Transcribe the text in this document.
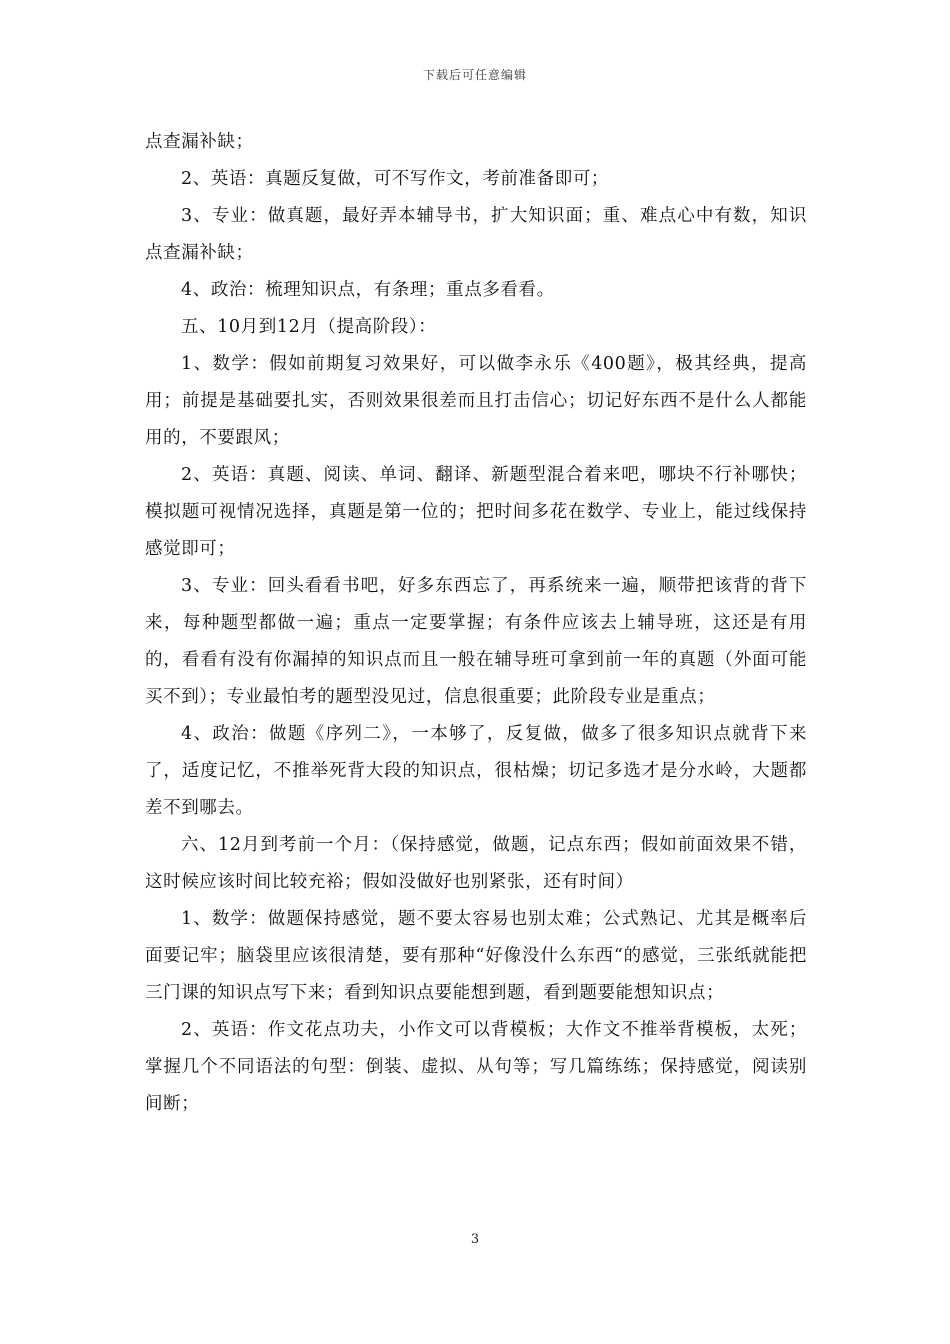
下载后可任意编辑

点查漏补缺；

2、英语：真题反复做，可不写作文，考前准备即可；

3、专业：做真题，最好弄本辅导书，扩大知识面；重、难点心中有数，知识点查漏补缺；

4、政治：梳理知识点，有条理；重点多看看。

五、10月到12月（提高阶段）：

1、数学：假如前期复习效果好，可以做李永乐《400题》，极其经典，提高用；前提是基础要扎实，否则效果很差而且打击信心；切记好东西不是什么人都能用的，不要跟风；

2、英语：真题、阅读、单词、翻译、新题型混合着来吧，哪块不行补哪快；模拟题可视情况选择，真题是第一位的；把时间多花在数学、专业上，能过线保持感觉即可；

3、专业：回头看看书吧，好多东西忘了，再系统来一遍，顺带把该背的背下来，每种题型都做一遍；重点一定要掌握；有条件应该去上辅导班，这还是有用的，看看有没有你漏掉的知识点而且一般在辅导班可拿到前一年的真题（外面可能买不到）；专业最怕考的题型没见过，信息很重要；此阶段专业是重点；

4、政治：做题《序列二》，一本够了，反复做，做多了很多知识点就背下来了，适度记忆，不推举死背大段的知识点，很枯燥；切记多选才是分水岭，大题都差不到哪去。

六、12月到考前一个月：（保持感觉，做题，记点东西；假如前面效果不错，这时候应该时间比较充裕；假如没做好也别紧张，还有时间）

1、数学：做题保持感觉，题不要太容易也别太难；公式熟记、尤其是概率后面要记牢；脑袋里应该很清楚，要有那种“好像没什么东西“的感觉，三张纸就能把三门课的知识点写下来；看到知识点要能想到题，看到题要能想知识点；

2、英语：作文花点功夫，小作文可以背模板；大作文不推举背模板，太死；掌握几个不同语法的句型：倒装、虚拟、从句等；写几篇练练；保持感觉，阅读别间断；

3
